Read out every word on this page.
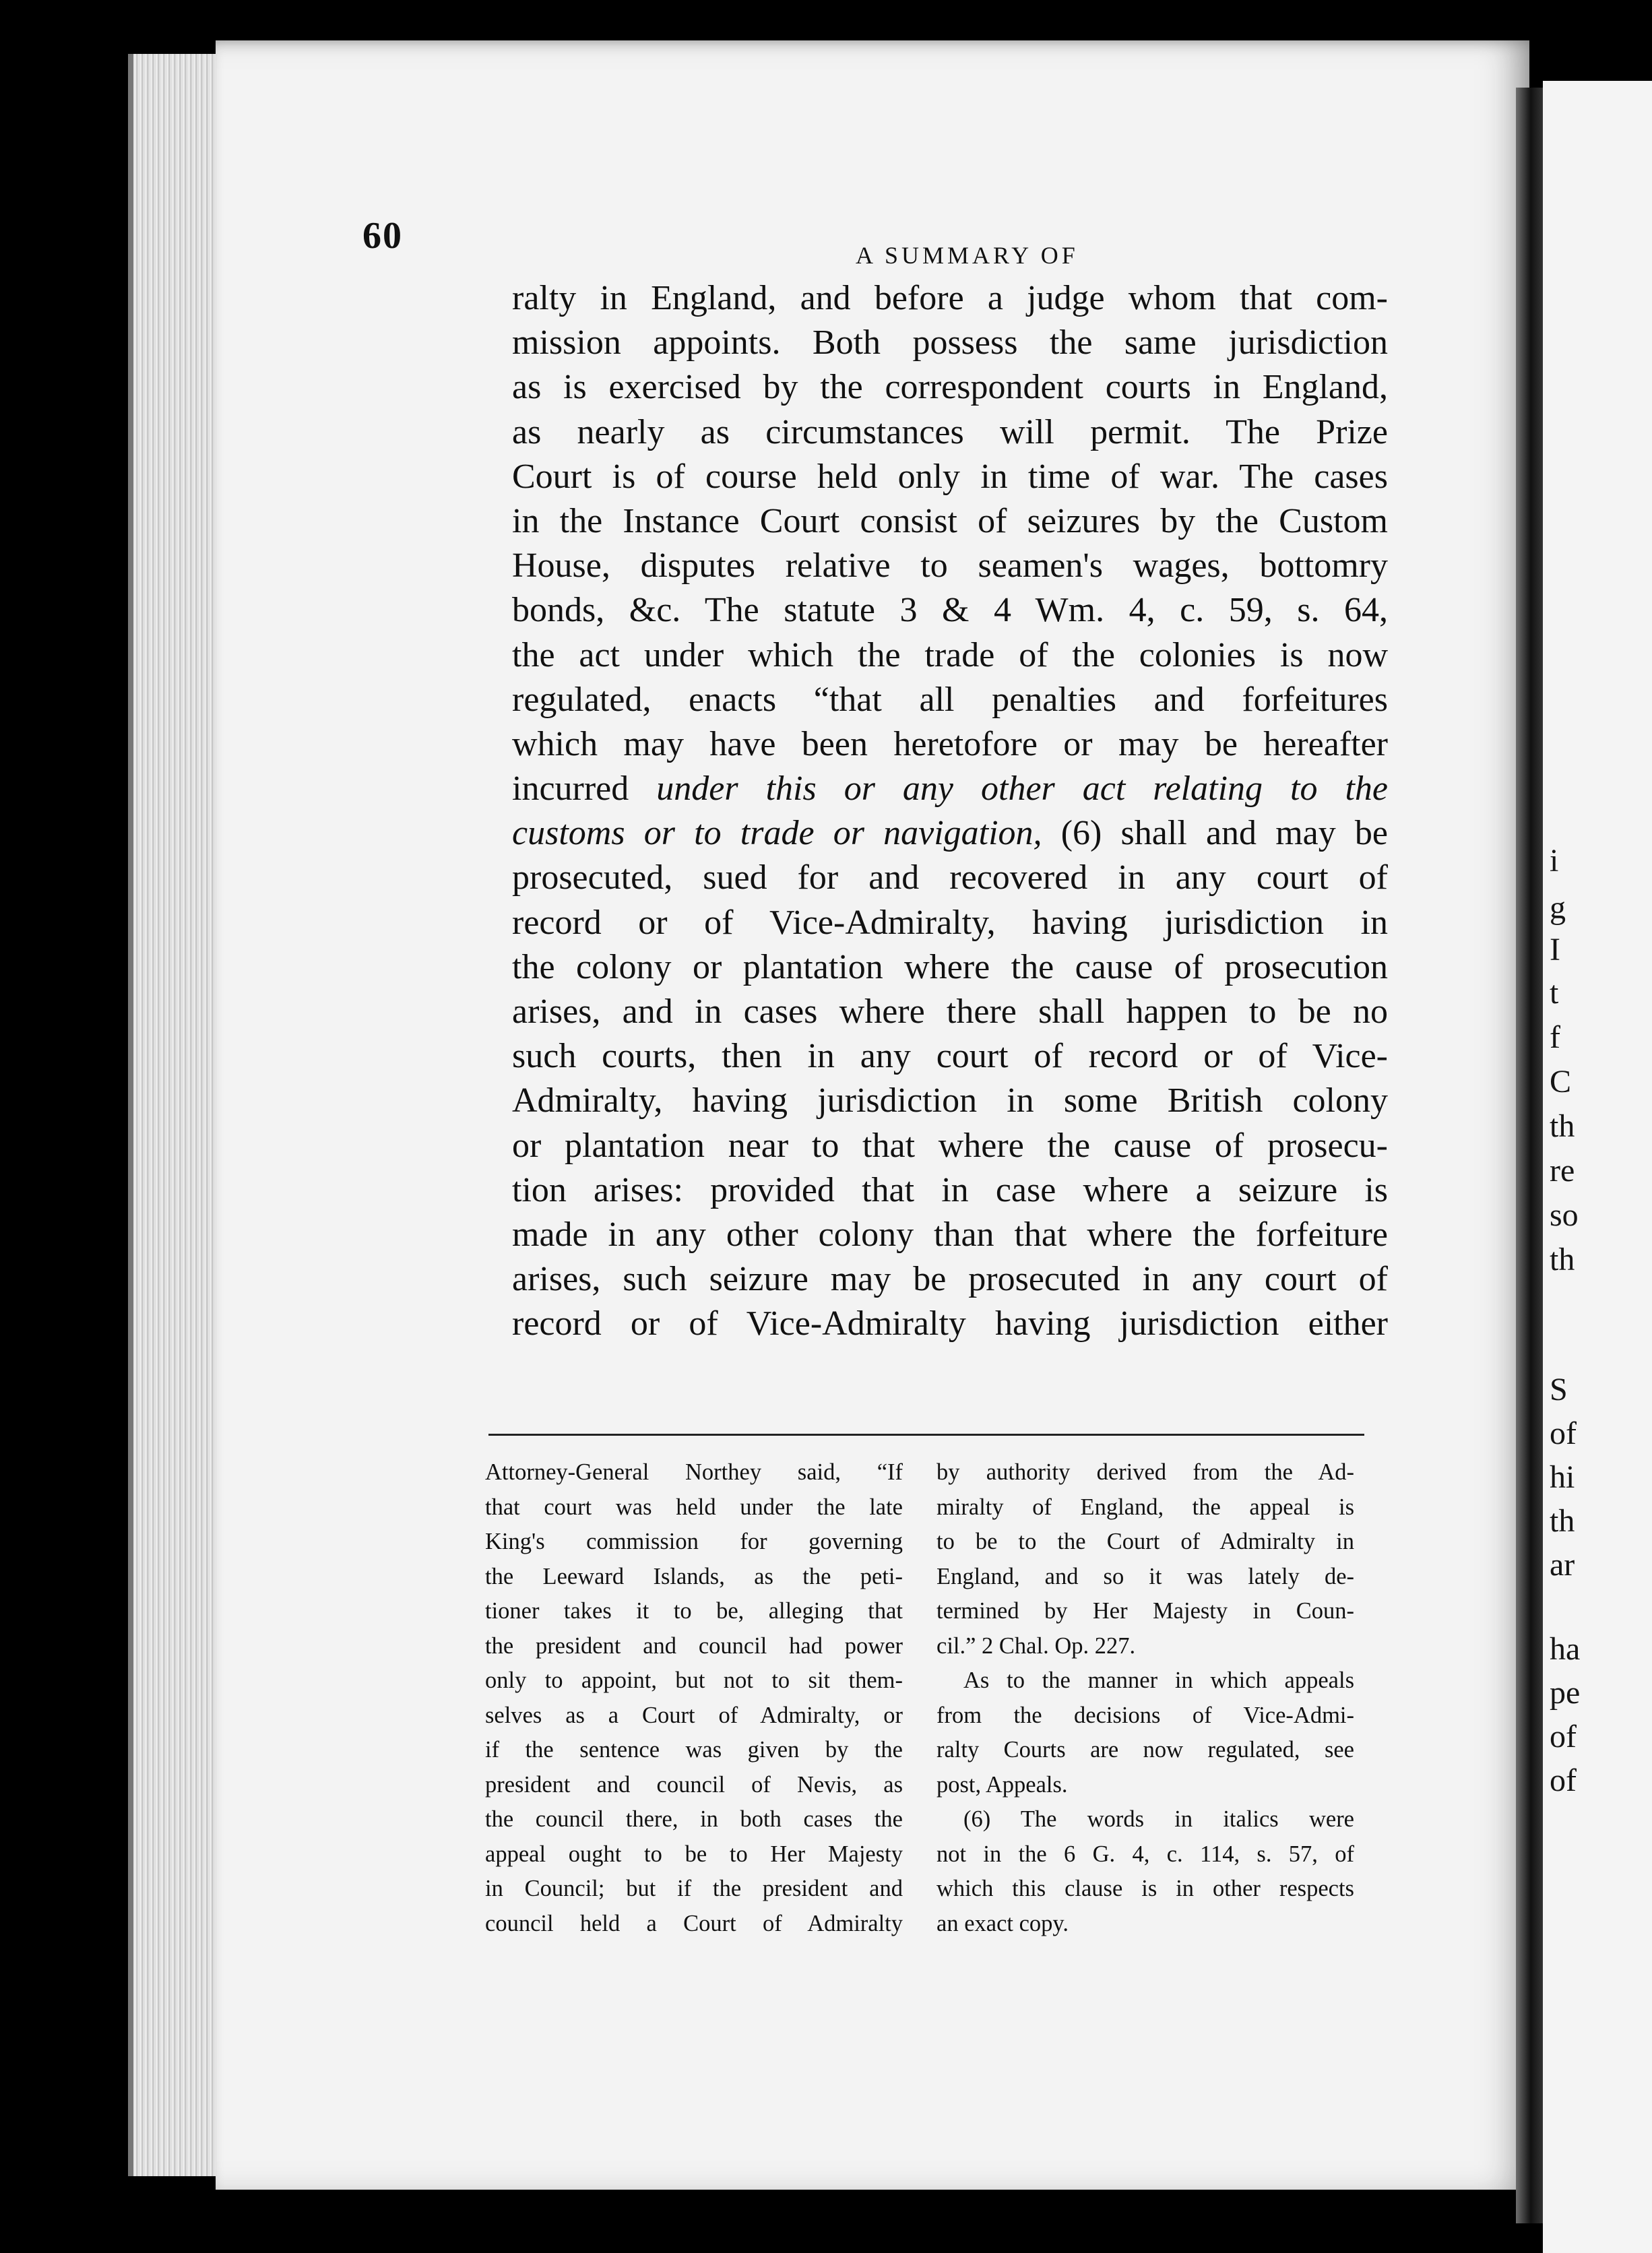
i
g
I
t
f
C
th
re
so
th
S
of
hi
th
ar
ha
pe
of
of
60	A SUMMARY OF
ralty in England, and before a judge whom that com-
mission appoints. Both possess the same jurisdiction
as is exercised by the correspondent courts in England,
as nearly as circumstances will permit. The Prize
Court is of course held only in time of war. The cases
in the Instance Court consist of seizures by the Custom
House, disputes relative to seamen's wages, bottomry
bonds, &c. The statute 3 & 4 Wm. 4, c. 59, s. 64,
the act under which the trade of the colonies is now
regulated, enacts “that all penalties and forfeitures
which may have been heretofore or may be hereafter
incurred under this or any other act relating to the
customs or to trade or navigation, (6) shall and may be
prosecuted, sued for and recovered in any court of
record or of Vice-Admiralty, having jurisdiction in
the colony or plantation where the cause of prosecution
arises, and in cases where there shall happen to be no
such courts, then in any court of record or of Vice-
Admiralty, having jurisdiction in some British colony
or plantation near to that where the cause of prosecu-
tion arises: provided that in case where a seizure is
made in any other colony than that where the forfeiture
arises, such seizure may be prosecuted in any court of
record or of Vice-Admiralty having jurisdiction either
Attorney-General Northey said, “If
that court was held under the late
King's commission for governing
the Leeward Islands, as the peti-
tioner takes it to be, alleging that
the president and council had power
only to appoint, but not to sit them-
selves as a Court of Admiralty, or
if the sentence was given by the
president and council of Nevis, as
the council there, in both cases the
appeal ought to be to Her Majesty
in Council; but if the president and
council held a Court of Admiralty
by authority derived from the Ad-
miralty of England, the appeal is
to be to the Court of Admiralty in
England, and so it was lately de-
termined by Her Majesty in Coun-
cil.” 2 Chal. Op. 227.
As to the manner in which appeals
from the decisions of Vice-Admi-
ralty Courts are now regulated, see
post, Appeals.
(6) The words in italics were
not in the 6 G. 4, c. 114, s. 57, of
which this clause is in other respects
an exact copy.
